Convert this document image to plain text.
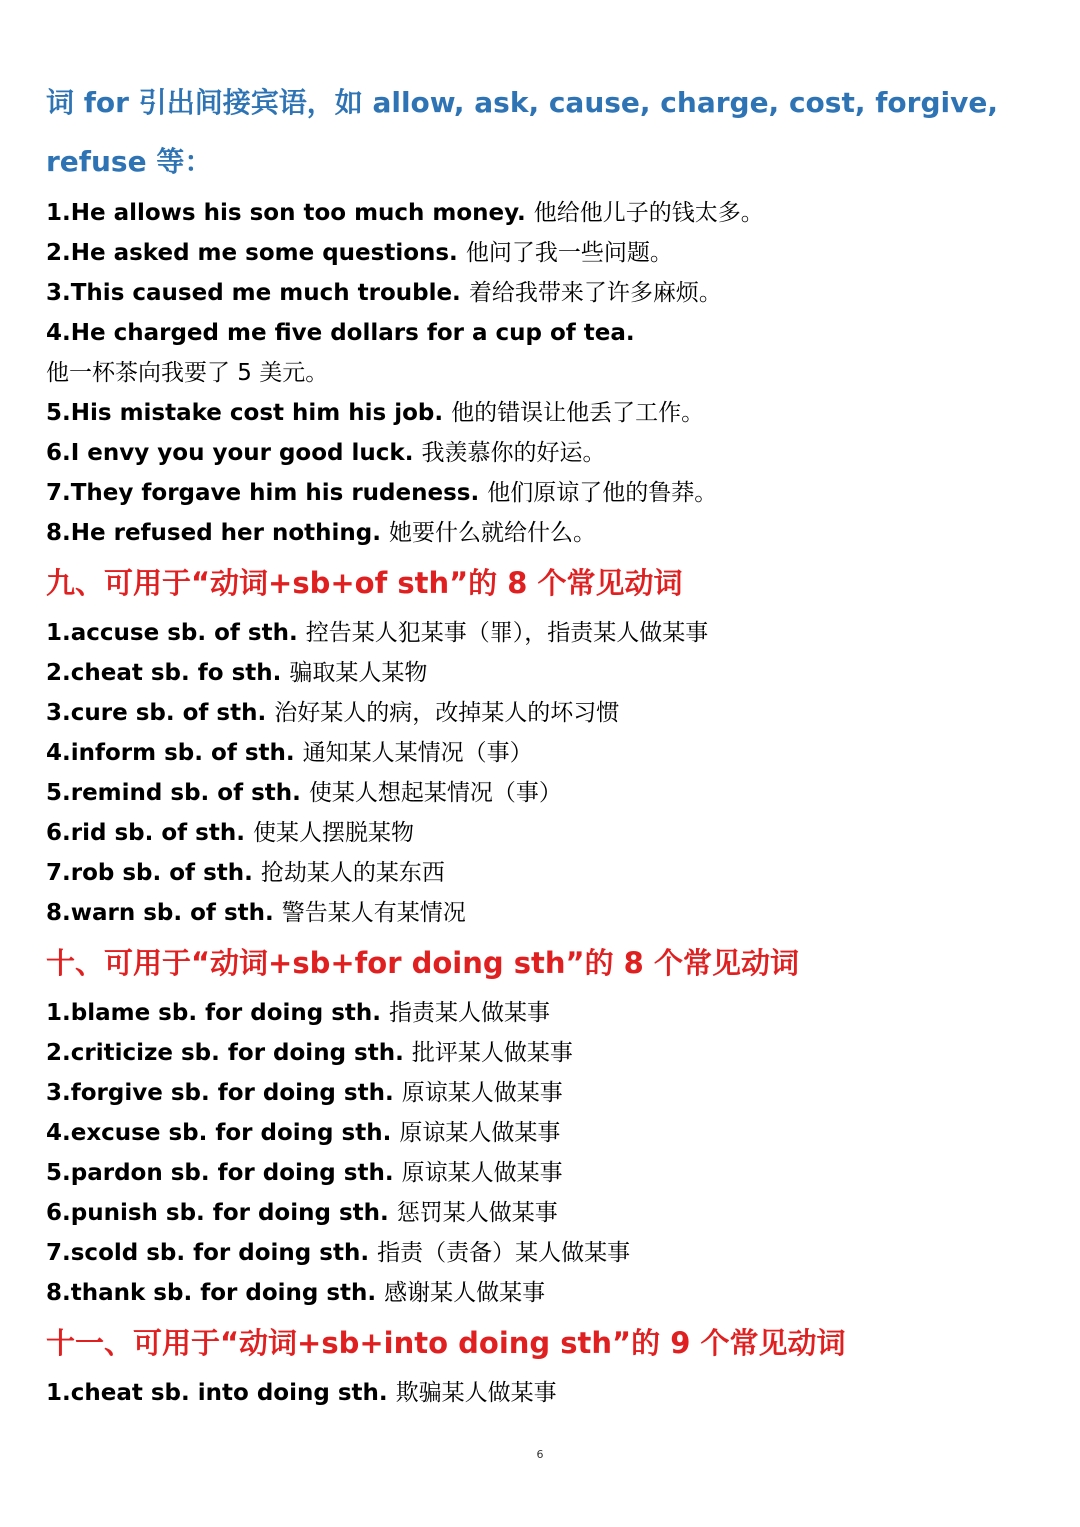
词 for 引出间接宾语，如 allow, ask, cause, charge, cost, forgive,
refuse 等：
1.He allows his son too much money. 他给他儿子的钱太多。
2.He asked me some questions. 他问了我一些问题。
3.This caused me much trouble. 着给我带来了许多麻烦。
4.He charged me five dollars for a cup of tea.
他一杯茶向我要了 5 美元。
5.His mistake cost him his job. 他的错误让他丢了工作。
6.I envy you your good luck. 我羡慕你的好运。
7.They forgave him his rudeness. 他们原谅了他的鲁莽。
8.He refused her nothing. 她要什么就给什么。
九、可用于“动词+sb+of sth”的 8 个常见动词
1.accuse sb. of sth. 控告某人犯某事（罪），指责某人做某事
2.cheat sb. fo sth. 骗取某人某物
3.cure sb. of sth. 治好某人的病，改掉某人的坏习惯
4.inform sb. of sth. 通知某人某情况（事）
5.remind sb. of sth. 使某人想起某情况（事）
6.rid sb. of sth. 使某人摆脱某物
7.rob sb. of sth. 抢劫某人的某东西
8.warn sb. of sth. 警告某人有某情况
十、可用于“动词+sb+for doing sth”的 8 个常见动词
1.blame sb. for doing sth. 指责某人做某事
2.criticize sb. for doing sth. 批评某人做某事
3.forgive sb. for doing sth. 原谅某人做某事
4.excuse sb. for doing sth. 原谅某人做某事
5.pardon sb. for doing sth. 原谅某人做某事
6.punish sb. for doing sth. 惩罚某人做某事
7.scold sb. for doing sth. 指责（责备）某人做某事
8.thank sb. for doing sth. 感谢某人做某事
十一、可用于“动词+sb+into doing sth”的 9 个常见动词
1.cheat sb. into doing sth. 欺骗某人做某事
6
